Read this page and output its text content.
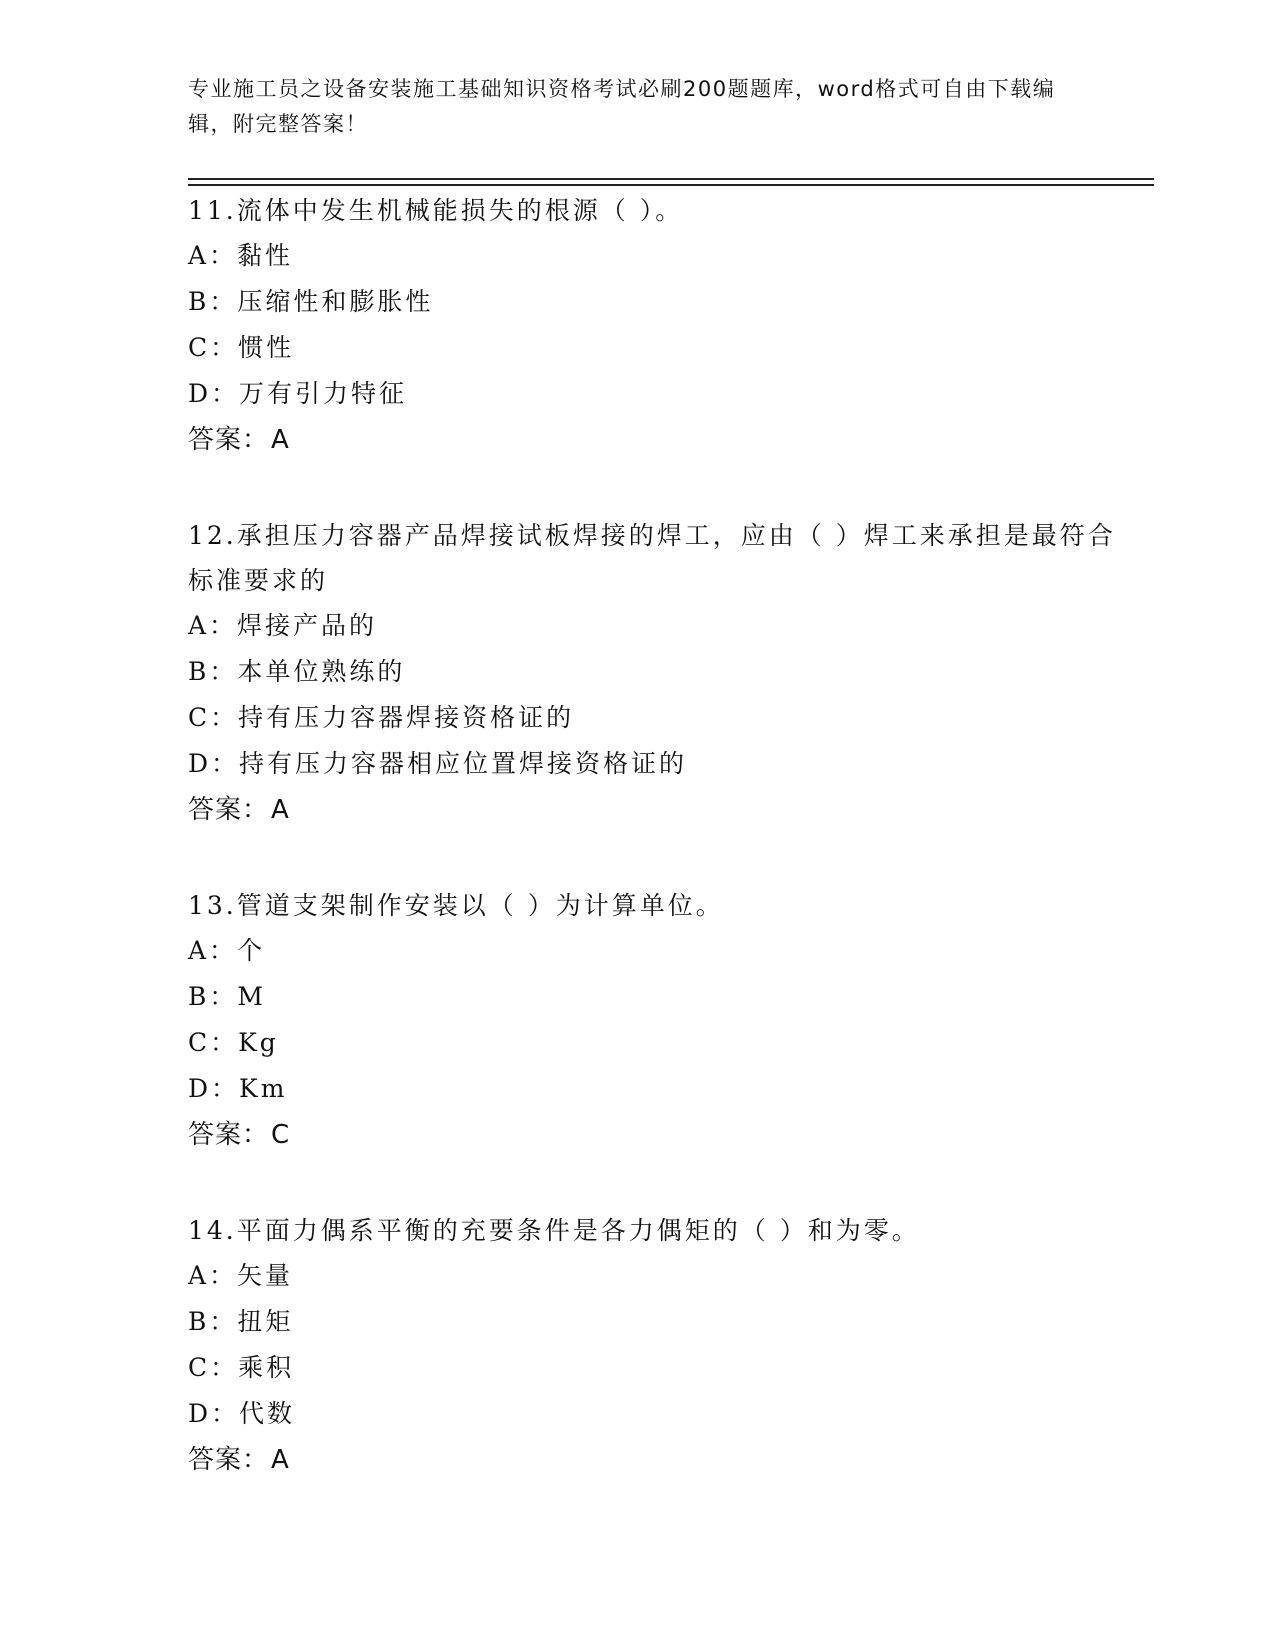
专业施工员之设备安装施工基础知识资格考试必刷200题题库，word格式可自由下载编辑，附完整答案！

11.流体中发生机械能损失的根源（ ）。

A：黏性

B：压缩性和膨胀性

C：惯性

D：万有引力特征

答案：A

12.承担压力容器产品焊接试板焊接的焊工，应由（ ）焊工来承担是最符合标准要求的

A：焊接产品的

B：本单位熟练的

C：持有压力容器焊接资格证的

D：持有压力容器相应位置焊接资格证的

答案：A

13.管道支架制作安装以（ ）为计算单位。

A：个

B：M

C：Kg

D：Km

答案：C

14.平面力偶系平衡的充要条件是各力偶矩的（ ）和为零。

A：矢量

B：扭矩

C：乘积

D：代数

答案：A
